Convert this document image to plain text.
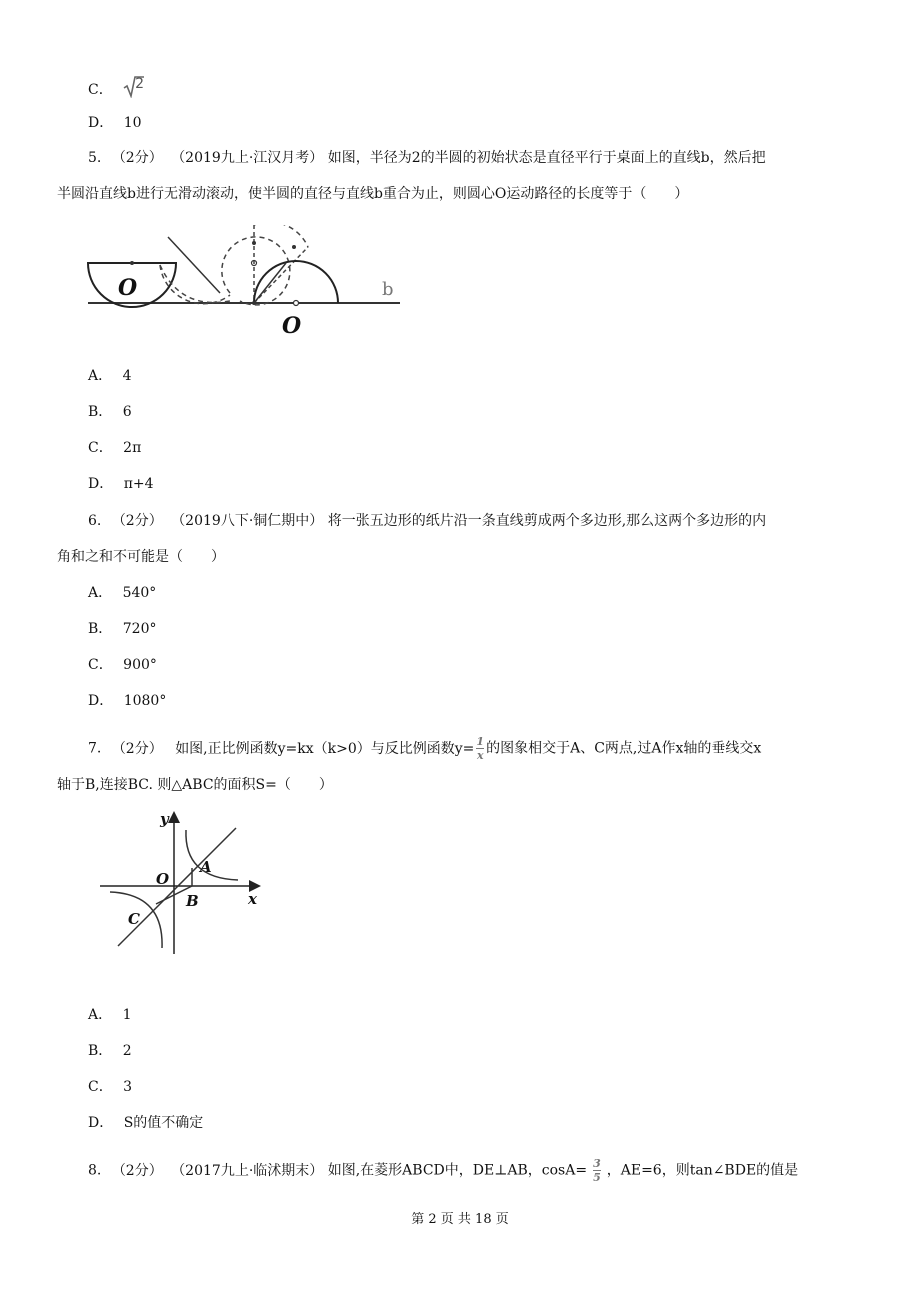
C． 2
D． 10
5. （2分） （2019九上·江汉月考） 如图，半径为2的半圆的初始状态是直径平行于桌面上的直线b，然后把
半圆沿直线b进行无滑动滚动，使半圆的直径与直线b重合为止，则圆心O运动路径的长度等于（　　）
O
O
b
A． 4
B． 6
C． 2π
D． π+4
6. （2分） （2019八下·铜仁期中） 将一张五边形的纸片沿一条直线剪成两个多边形,那么这两个多边形的内
角和之和不可能是（　　）
A． 540°
B． 720°
C． 900°
D． 1080°
7. （2分） 如图,正比例函数y=kx（k>0）与反比例函数$y= \frac{1}{x}$ 的图象相交于A、C两点,过A作x轴的垂线交x
轴于B,连接BC. 则△ABC的面积S=（　　）
O
y
x
A
B
C
A． 1
B． 2
C． 3
D． S的值不确定
8. （2分） （2017九上·临沭期末） 如图,在菱形ABCD中，DE⊥AB，$\cos A= \frac{3}{5}$ ，AE=6，则tan∠BDE的值是
第 2 页 共 18 页
